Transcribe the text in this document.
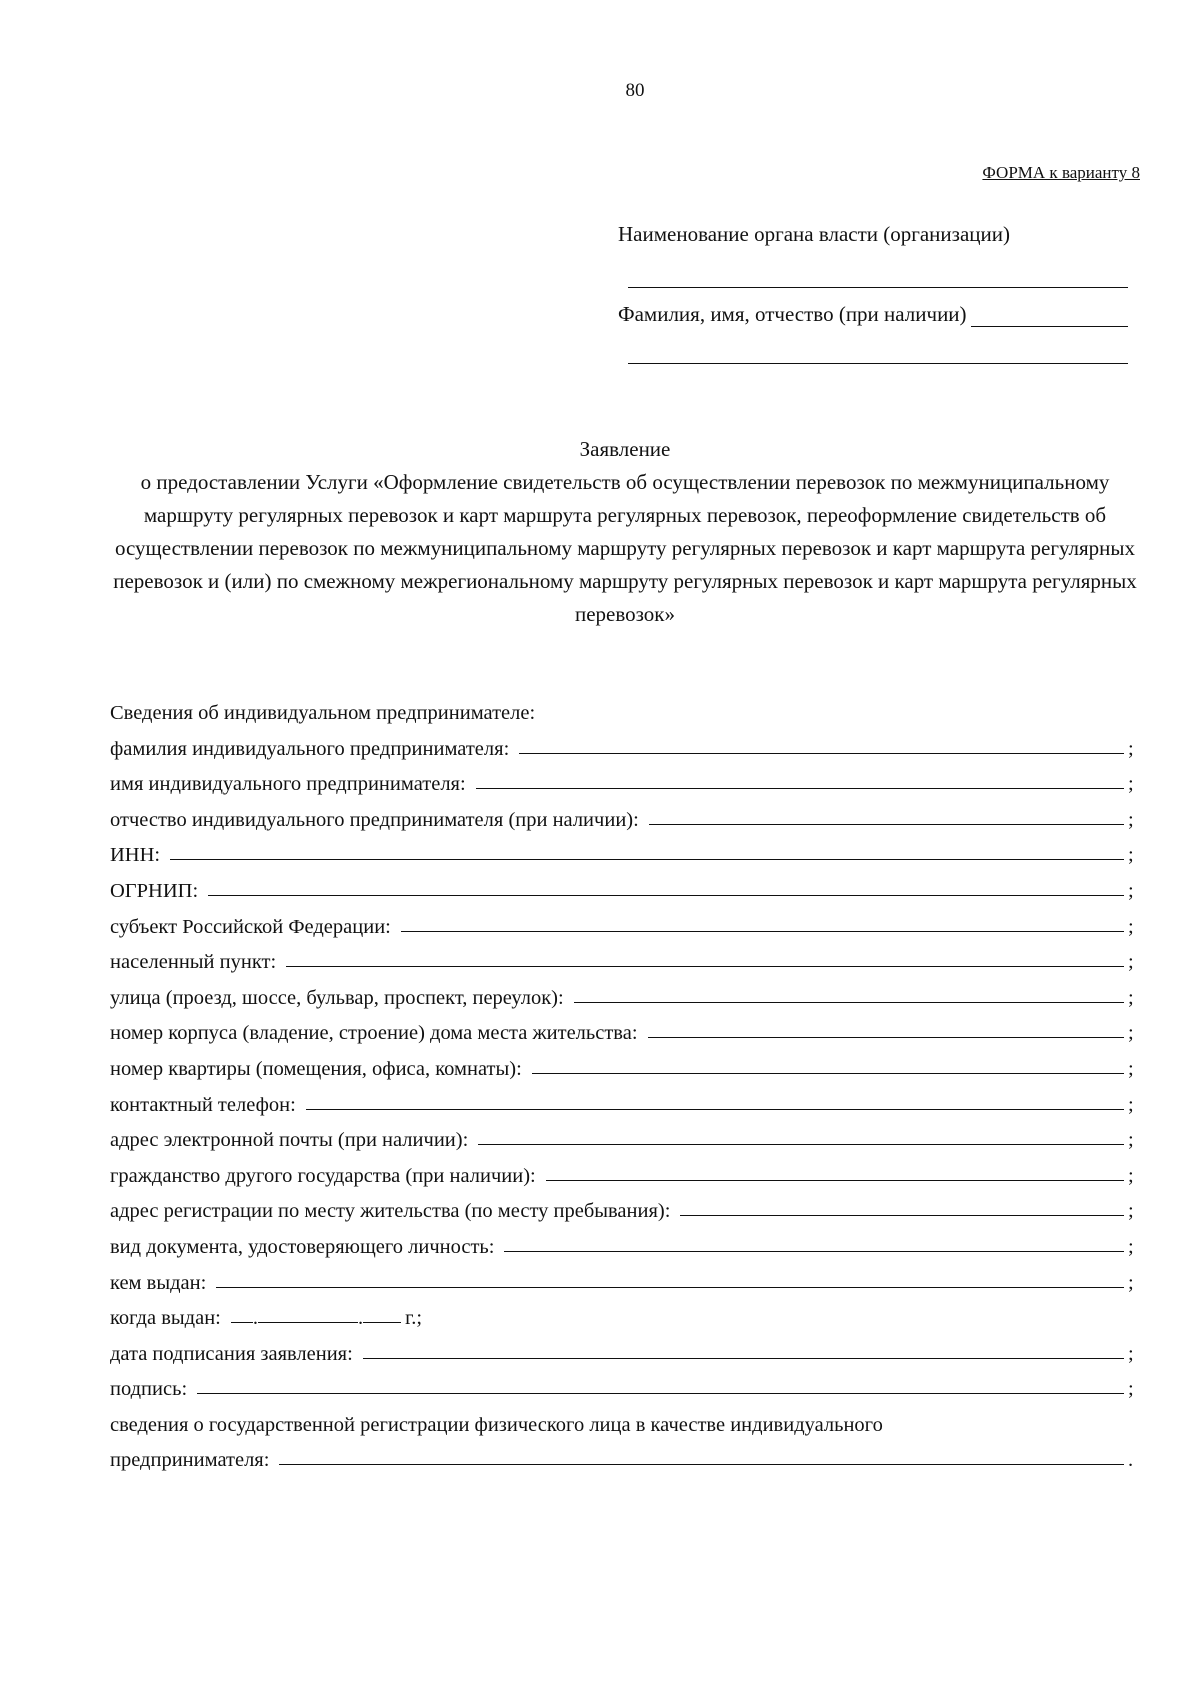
80
ФОРМА к варианту 8
Наименование органа власти (организации)
Фамилия, имя, отчество (при наличии)
Заявление
о предоставлении Услуги «Оформление свидетельств об осуществлении перевозок по межмуниципальному маршруту регулярных перевозок и карт маршрута регулярных перевозок, переоформление свидетельств об осуществлении перевозок по межмуниципальному маршруту регулярных перевозок и карт маршрута регулярных перевозок и (или) по смежному межрегиональному маршруту регулярных перевозок и карт маршрута регулярных перевозок»
Сведения об индивидуальном предпринимателе:
фамилия индивидуального предпринимателя:	;
имя индивидуального предпринимателя:	;
отчество индивидуального предпринимателя (при наличии):	;
ИНН:	;
ОГРНИП:	;
субъект Российской Федерации:	;
населенный пункт:	;
улица (проезд, шоссе, бульвар, проспект, переулок):	;
номер корпуса (владение, строение) дома места жительства:	;
номер квартиры (помещения, офиса, комнаты):	;
контактный телефон:	;
адрес электронной почты (при наличии):	;
гражданство другого государства (при наличии):	;
адрес регистрации по месту жительства (по месту пребывания):	;
вид документа, удостоверяющего личность:	;
кем выдан:	;
когда выдан: .	. г.;
дата подписания заявления:	;
подпись:	;
сведения о государственной регистрации физического лица в качестве индивидуального
предпринимателя:	.
